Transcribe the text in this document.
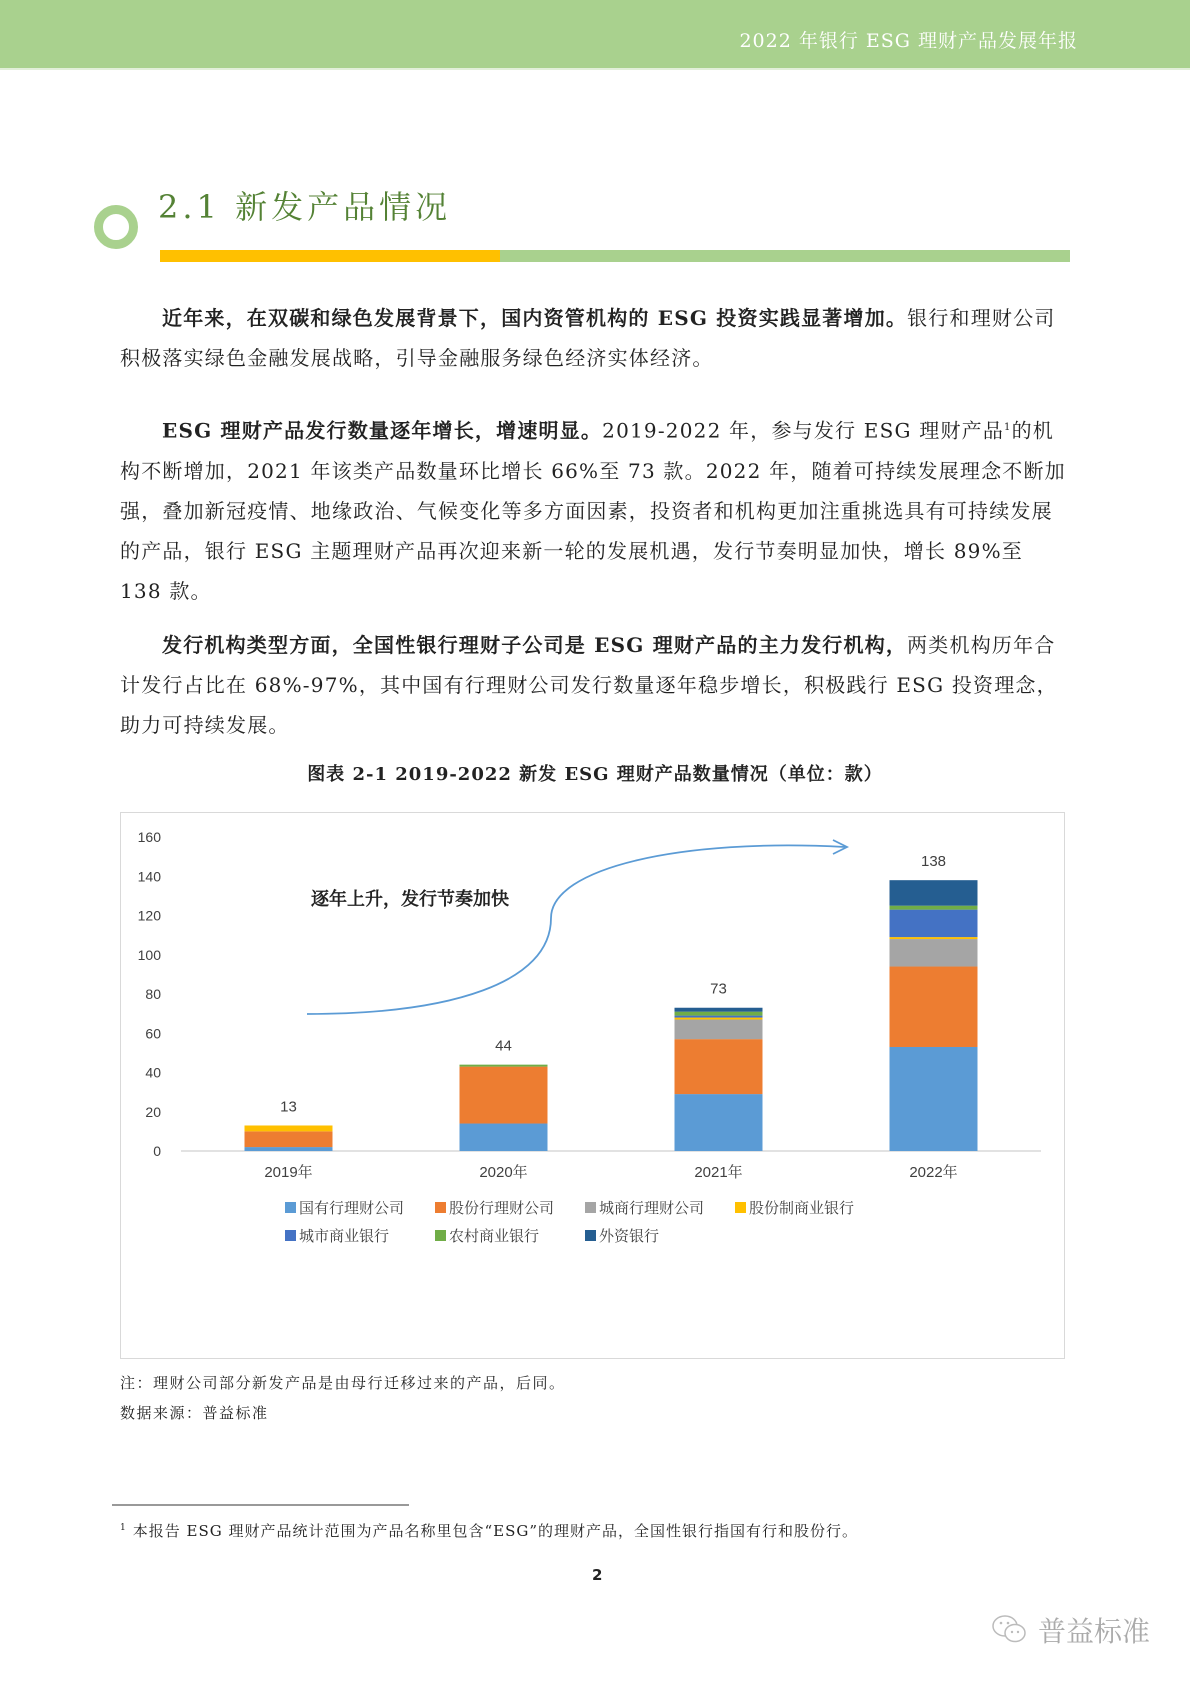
2022 年银行 ESG 理财产品发展年报
2.1 新发产品情况
近年来，在双碳和绿色发展背景下，国内资管机构的 ESG 投资实践显著增加。银行和理财公司积极落实绿色金融发展战略，引导金融服务绿色经济实体经济。
ESG 理财产品发行数量逐年增长，增速明显。2019-2022 年，参与发行 ESG 理财产品$^1$的机构不断增加，2021 年该类产品数量环比增长 66%至 73 款。2022 年，随着可持续发展理念不断加强，叠加新冠疫情、地缘政治、气候变化等多方面因素，投资者和机构更加注重挑选具有可持续发展的产品，银行 ESG 主题理财产品再次迎来新一轮的发展机遇，发行节奏明显加快，增长 89%至 138 款。
发行机构类型方面，全国性银行理财子公司是 ESG 理财产品的主力发行机构，两类机构历年合计发行占比在 68%-97%，其中国有行理财公司发行数量逐年稳步增长，积极践行 ESG 投资理念，助力可持续发展。
图表 2-1 2019-2022 新发 ESG 理财产品数量情况（单位：款）
0
20
40
60
80
100
120
140
160
13
2019年
44
2020年
73
2021年
138
2022年
逐年上升，发行节奏加快
国有行理财公司	股份行理财公司	城商行理财公司	股份制商业银行
城市商业银行	农村商业银行	外资银行
注：理财公司部分新发产品是由母行迁移过来的产品，后同。
数据来源：普益标准
$^1$ 本报告 ESG 理财产品统计范围为产品名称里包含“ESG”的理财产品，全国性银行指国有行和股份行。
2
普益标准
